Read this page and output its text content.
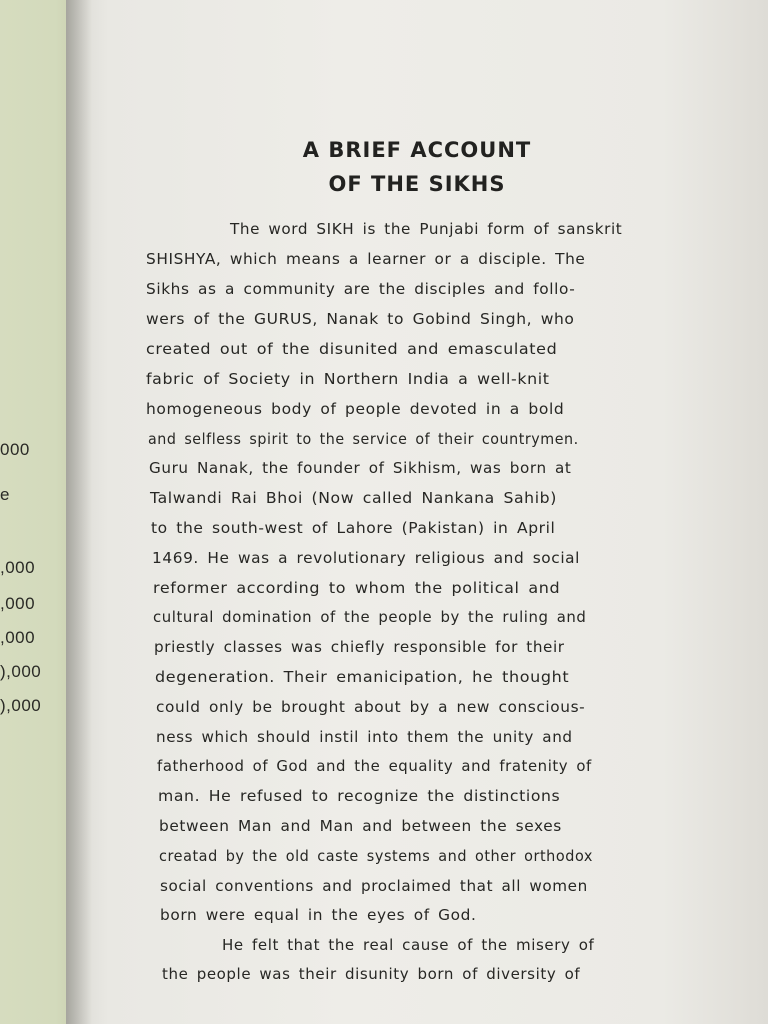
000
e
,000
,000
,000
),000
),000
A BRIEF ACCOUNT
OF THE SIKHS
The word SIKH is the Punjabi form of sanskrit
SHISHYA, which means a learner or a disciple. The
Sikhs as a community are the disciples and follo-
wers of the GURUS, Nanak to Gobind Singh, who
created out of the disunited and emasculated
fabric of Society in Northern India a well-knit
homogeneous body of people devoted in a bold
and selfless spirit to the service of their countrymen.
Guru Nanak, the founder of Sikhism, was born at
Talwandi Rai Bhoi (Now called Nankana Sahib)
to the south-west of Lahore (Pakistan) in April
1469. He was a revolutionary religious and social
reformer according to whom the political and
cultural domination of the people by the ruling and
priestly classes was chiefly responsible for their
degeneration. Their emanicipation, he thought
could only be brought about by a new conscious-
ness which should instil into them the unity and
fatherhood of God and the equality and fratenity of
man. He refused to recognize the distinctions
between Man and Man and between the sexes
creatad by the old caste systems and other orthodox
social conventions and proclaimed that all women
born were equal in the eyes of God.
He felt that the real cause of the misery of
the people was their disunity born of diversity of
